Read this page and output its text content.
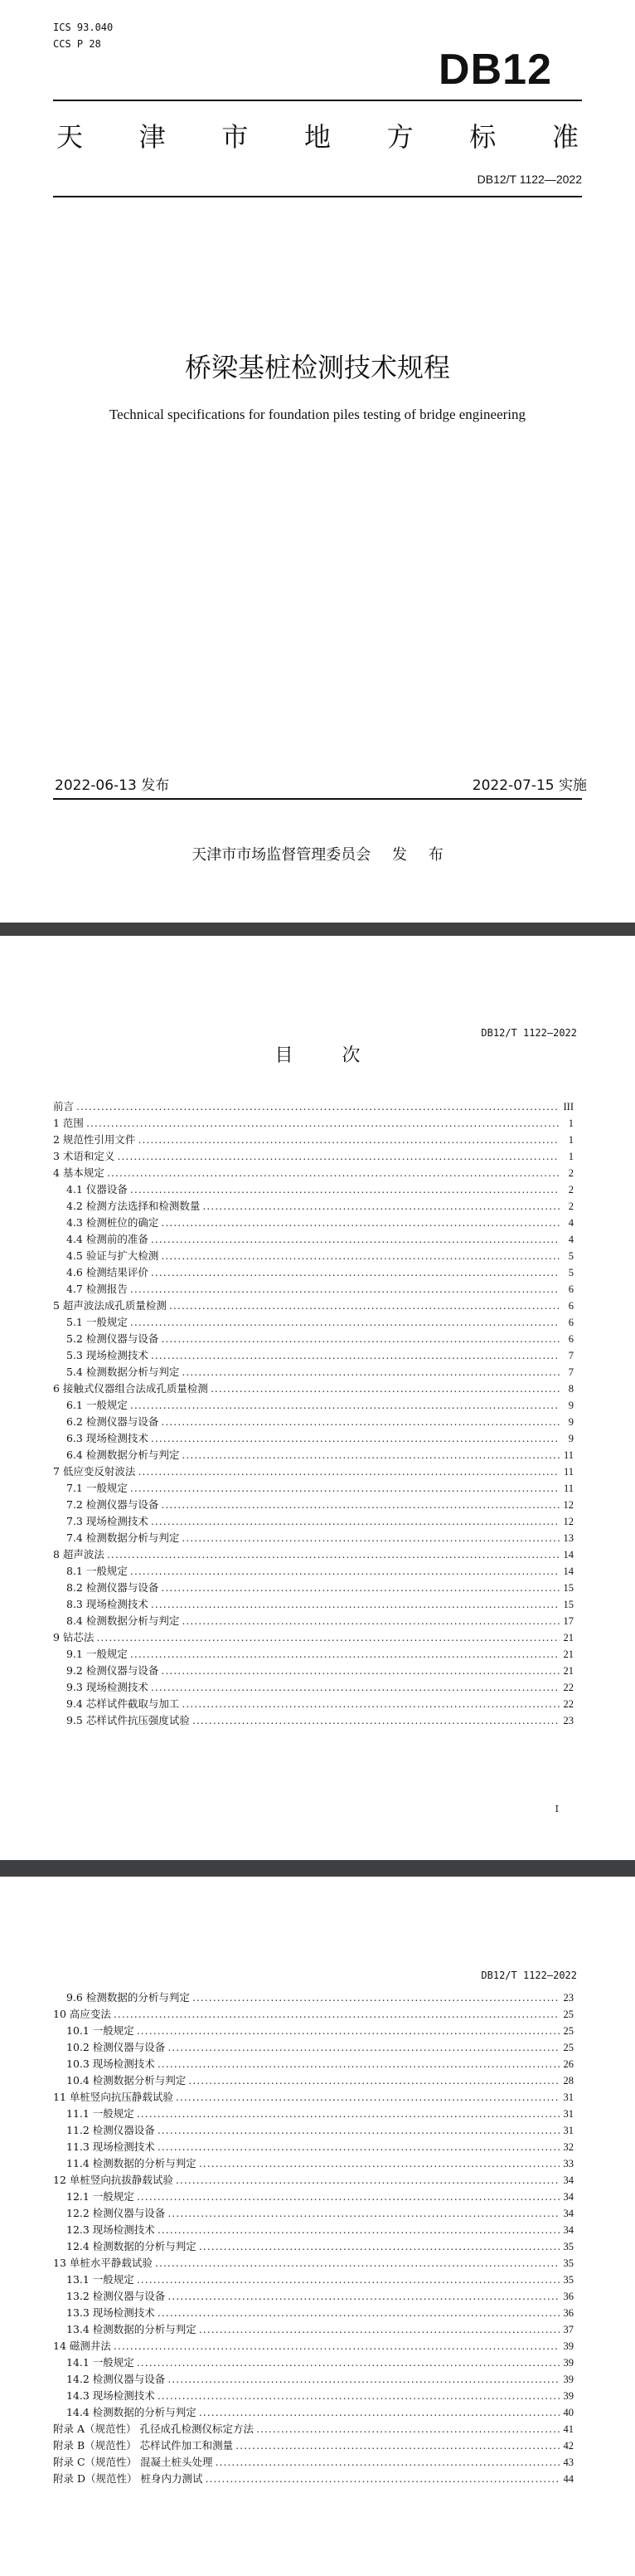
ICS 93.040
CCS P 28
DB12
天 津 市 地 方 标 准
DB12/T 1122—2022
桥梁基桩检测技术规程
Technical specifications for foundation piles testing of bridge engineering
2022-06-13 发布	2022-07-15 实施
天津市市场监督管理委员会 发 布
DB12/T 1122—2022
目 次
前言 .....	III
1 范围 .....	1
2 规范性引用文件 .....	1
3 术语和定义 .....	1
4 基本规定 .....	2
4.1 仪器设备 .....	2
4.2 检测方法选择和检测数量 .....	2
4.3 检测桩位的确定 .....	4
4.4 检测前的准备 .....	4
4.5 验证与扩大检测 .....	5
4.6 检测结果评价 .....	5
4.7 检测报告 .....	6
5 超声波法成孔质量检测 .....	6
5.1 一般规定 .....	6
5.2 检测仪器与设备 .....	6
5.3 现场检测技术 .....	7
5.4 检测数据分析与判定 .....	7
6 接触式仪器组合法成孔质量检测 .....	8
6.1 一般规定 .....	9
6.2 检测仪器与设备 .....	9
6.3 现场检测技术 .....	9
6.4 检测数据分析与判定 .....	11
7 低应变反射波法 .....	11
7.1 一般规定 .....	11
7.2 检测仪器与设备 .....	12
7.3 现场检测技术 .....	12
7.4 检测数据分析与判定 .....	13
8 超声波法 .....	14
8.1 一般规定 .....	14
8.2 检测仪器与设备 .....	15
8.3 现场检测技术 .....	15
8.4 检测数据分析与判定 .....	17
9 钻芯法 .....	21
9.1 一般规定 .....	21
9.2 检测仪器与设备 .....	21
9.3 现场检测技术 .....	22
9.4 芯样试件截取与加工 .....	22
9.5 芯样试件抗压强度试验 .....	23
I
DB12/T 1122—2022
9.6 检测数据的分析与判定 .....	23
10 高应变法 .....	25
10.1 一般规定 .....	25
10.2 检测仪器与设备 .....	25
10.3 现场检测技术 .....	26
10.4 检测数据分析与判定 .....	28
11 单桩竖向抗压静载试验 .....	31
11.1 一般规定 .....	31
11.2 检测仪器设备 .....	31
11.3 现场检测技术 .....	32
11.4 检测数据的分析与判定 .....	33
12 单桩竖向抗拔静载试验 .....	34
12.1 一般规定 .....	34
12.2 检测仪器与设备 .....	34
12.3 现场检测技术 .....	34
12.4 检测数据的分析与判定 .....	35
13 单桩水平静载试验 .....	35
13.1 一般规定 .....	35
13.2 检测仪器与设备 .....	36
13.3 现场检测技术 .....	36
13.4 检测数据的分析与判定 .....	37
14 磁测井法 .....	39
14.1 一般规定 .....	39
14.2 检测仪器与设备 .....	39
14.3 现场检测技术 .....	39
14.4 检测数据的分析与判定 .....	40
附录 A（规范性） 孔径成孔检测仪标定方法 .....	41
附录 B（规范性） 芯样试件加工和测量 .....	42
附录 C（规范性） 混凝土桩头处理 .....	43
附录 D（规范性） 桩身内力测试 .....	44
